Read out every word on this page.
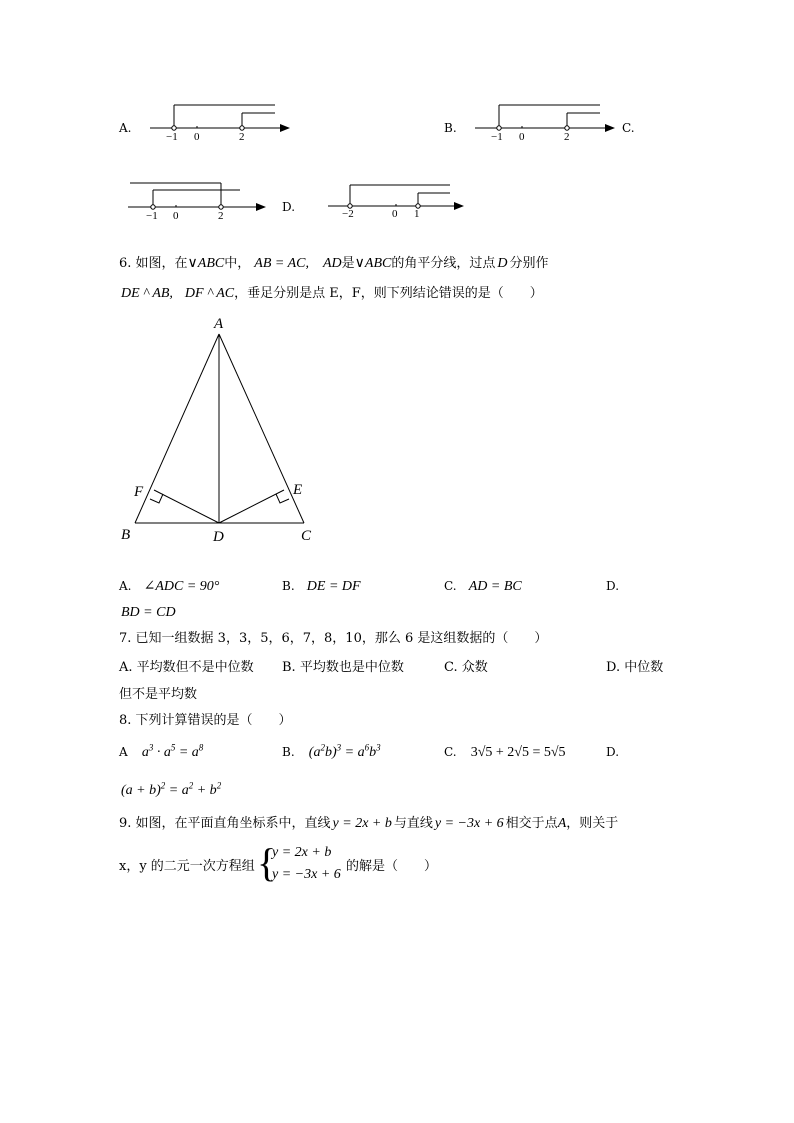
A.
−1 0	2
B.
−1 0	2
C.
−1 0	2
D.	−2	0 1
6. 如图，在∨ABC中， AB = AC, AD是∨ABC的角平分线，过点 D 分别作
DE ^ AB, DF ^ AC，垂足分别是点 E，F，则下列结论错误的是（　　）
A
B	C
D
E
F
A. ∠ADC = 90°	B. DE = DF	C. AD = BC	D.
BD = CD
7. 已知一组数据 3，3，5，6，7，8，10，那么 6 是这组数据的（　　）
A. 平均数但不是中位数 B. 平均数也是中位数	C. 众数	D. 中位数
但不是平均数
8. 下列计算错误的是（　　）
A $a^3 \cdot a^5 = a^8$	B. $(a^2b)^3 = a^6b^3$	C. 3√5 + 2√5 = 5√5	D.
$(a + b)^2 = a^2 + b^2$
9. 如图，在平面直角坐标系中，直线 y = 2x + b 与直线 y = −3x + 6 相交于点A，则关于
x，y 的二元一次方程组 {
y = 2x + b
y = −3x + 6
的解是（　　）
